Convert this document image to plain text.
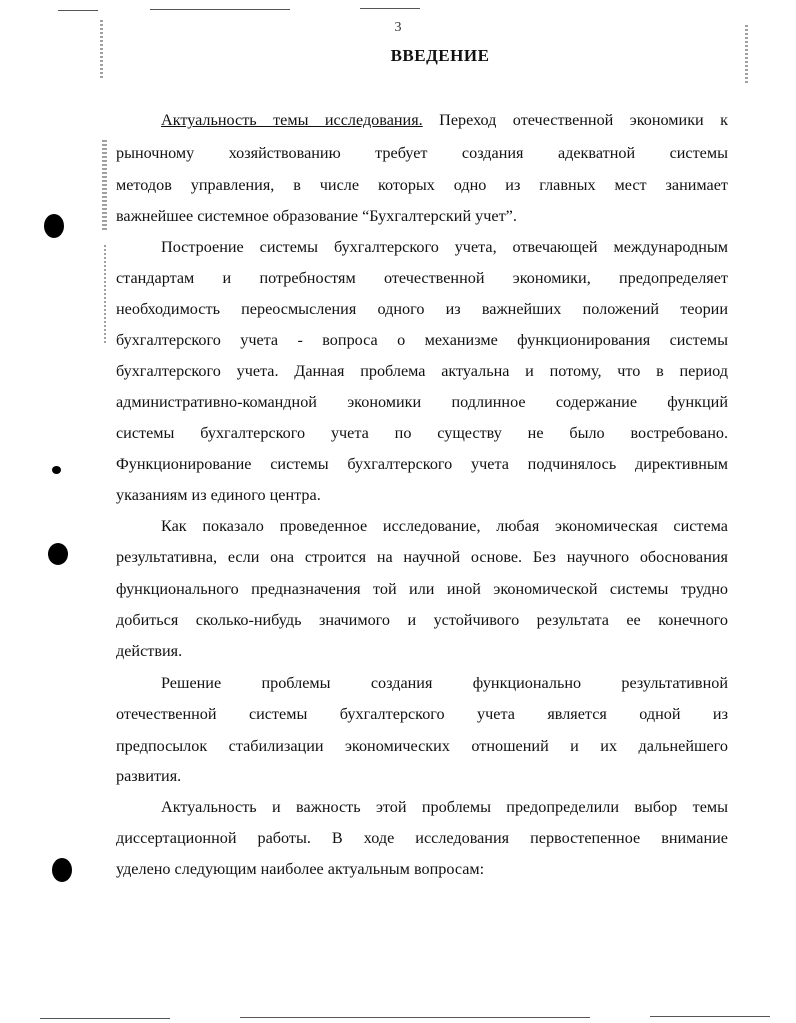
3
ВВЕДЕНИЕ
Актуальность темы исследования. Переход отечественной экономики к
рыночному хозяйствованию требует создания адекватной системы
методов управления, в числе которых одно из главных мест занимает
важнейшее системное образование “Бухгалтерский учет”.
Построение системы бухгалтерского учета, отвечающей международным
стандартам и потребностям отечественной экономики, предопределяет
необходимость переосмысления одного из важнейших положений теории
бухгалтерского учета - вопроса о механизме функционирования системы
бухгалтерского учета. Данная проблема актуальна и потому, что в период
административно-командной экономики подлинное содержание функций
системы бухгалтерского учета по существу не было востребовано.
Функционирование системы бухгалтерского учета подчинялось директивным
указаниям из единого центра.
Как показало проведенное исследование, любая экономическая система
результативна, если она строится на научной основе. Без научного обоснования
функционального предназначения той или иной экономической системы трудно
добиться сколько-нибудь значимого и устойчивого результата ее конечного
действия.
Решение проблемы создания функционально результативной
отечественной системы бухгалтерского учета является одной из
предпосылок стабилизации экономических отношений и их дальнейшего
развития.
Актуальность и важность этой проблемы предопределили выбор темы
диссертационной работы. В ходе исследования первостепенное внимание
уделено следующим наиболее актуальным вопросам:
